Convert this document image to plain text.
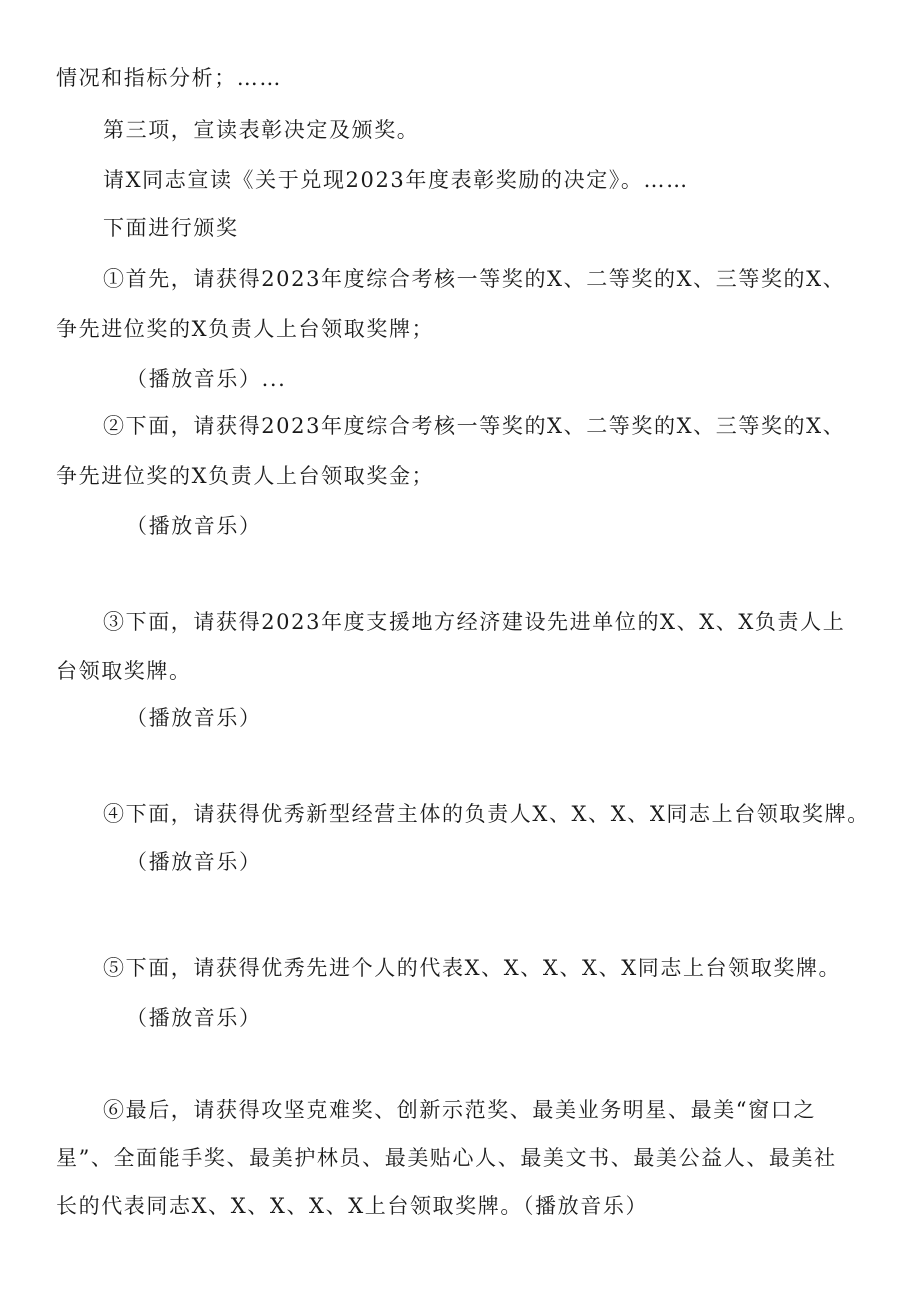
情况和指标分析；……
第三项，宣读表彰决定及颁奖。
请X同志宣读《关于兑现2023年度表彰奖励的决定》。……
下面进行颁奖
①首先，请获得2023年度综合考核一等奖的X、二等奖的X、三等奖的X、
争先进位奖的X负责人上台领取奖牌；
（播放音乐）...
②下面，请获得2023年度综合考核一等奖的X、二等奖的X、三等奖的X、
争先进位奖的X负责人上台领取奖金；
（播放音乐）
③下面，请获得2023年度支援地方经济建设先进单位的X、X、X负责人上
台领取奖牌。
（播放音乐）
④下面，请获得优秀新型经营主体的负责人X、X、X、X同志上台领取奖牌。
（播放音乐）
⑤下面，请获得优秀先进个人的代表X、X、X、X、X同志上台领取奖牌。
（播放音乐）
⑥最后，请获得攻坚克难奖、创新示范奖、最美业务明星、最美“窗口之
星”、全面能手奖、最美护林员、最美贴心人、最美文书、最美公益人、最美社
长的代表同志X、X、X、X、X上台领取奖牌。（播放音乐）
